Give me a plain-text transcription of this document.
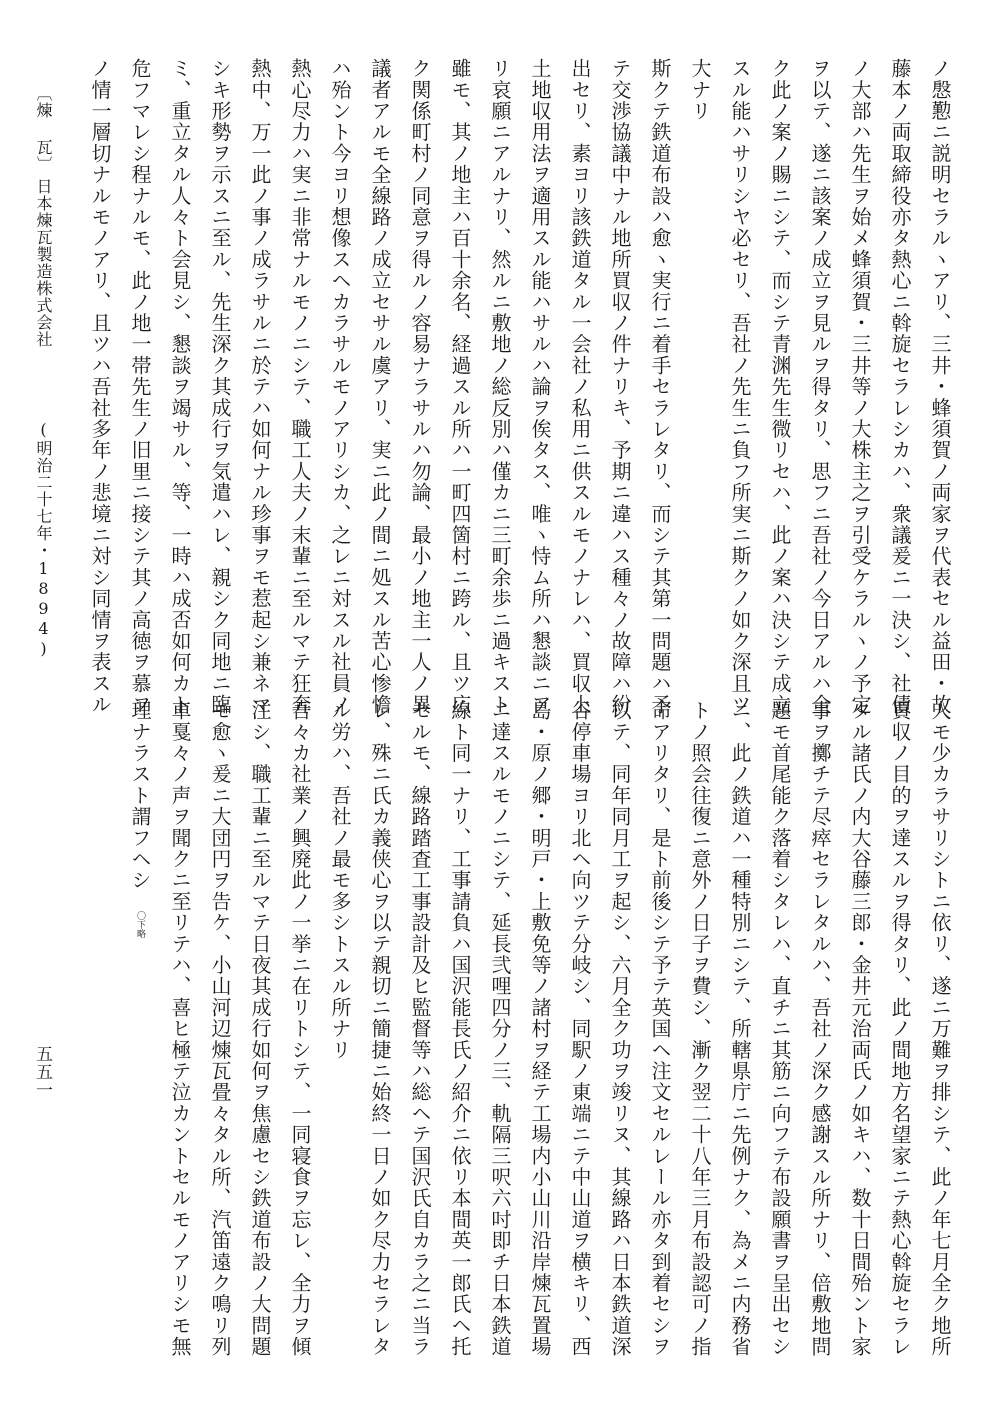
〔煉 瓦〕
日本煉瓦製造株式会社
(明治二十七年・1894)	ノ慇懃ニ説明セラルヽアリ、三井・蜂須賀ノ両家ヲ代表セル益田・故
藤本ノ両取締役亦タ熱心ニ斡旋セラレシカハ、衆議爰ニ一決シ、社債
ノ大部ハ先生ヲ始メ蜂須賀・三井等ノ大株主之ヲ引受ケラルヽノ予定
ヲ以テ、遂ニ該案ノ成立ヲ見ルヲ得タリ、思フニ吾社ノ今日アルハ全
ク此ノ案ノ賜ニシテ、而シテ青渊先生微リセハ、此ノ案ハ決シテ成立
スル能ハサリシヤ必セリ、吾社ノ先生ニ負フ所実ニ斯クノ如ク深且ツ
大ナリ
斯クテ鉄道布設ハ愈ヽ実行ニ着手セラレタリ、而シテ其第一問題ハ予
テ交渉協議中ナル地所買収ノ件ナリキ、予期ニ違ハス種々ノ故障ハ紛
出セリ、素ヨリ該鉄道タル一会社ノ私用ニ供スルモノナレハ、買収上
土地収用法ヲ適用スル能ハサルハ論ヲ俟タス、唯ヽ恃ム所ハ懇談ニア
リ哀願ニアルナリ、然ルニ敷地ノ総反別ハ僅カニ三町余歩ニ過キスト
雖モ、其ノ地主ハ百十余名、経過スル所ハ一町四箇村ニ跨ル、且ツ広
ク関係町村ノ同意ヲ得ルノ容易ナラサルハ勿論、最小ノ地主一人ノ異
議者アルモ全線路ノ成立セサル虞アリ、実ニ此ノ間ニ処スル苦心惨憺
ハ殆ント今ヨリ想像スヘカラサルモノアリシカ、之レニ対スル社員ノ
熱心尽力ハ実ニ非常ナルモノニシテ、職工人夫ノ末輩ニ至ルマテ狂奔
熱中、万一此ノ事ノ成ラサルニ於テハ如何ナル珍事ヲモ惹起シ兼ネマ
シキ形勢ヲ示スニ至ル、先生深ク其成行ヲ気遣ハレ、親シク同地ニ臨
ミ、重立タル人々ト会見シ、懇談ヲ竭サル、等、一時ハ成否如何カト
危フマレシ程ナルモ、此ノ地一帯先生ノ旧里ニ接シテ其ノ高徳ヲ慕フ
ノ情一層切ナルモノアリ、且ツハ吾社多年ノ悲境ニ対シ同情ヲ表スル
人モ少カラサリシトニ依リ、遂ニ万難ヲ排シテ、此ノ年七月全ク地所
買収ノ目的ヲ達スルヲ得タリ、此ノ間地方名望家ニテ熱心斡旋セラレ
タル諸氏ノ内大谷藤三郎・金井元治両氏ノ如キハ、数十日間殆ント家
事ヲ擲チテ尽瘁セラレタルハ、吾社ノ深ク感謝スル所ナリ、倍敷地問
題モ首尾能ク落着シタレハ、直チニ其筋ニ向フテ布設願書ヲ呈出セシ
ニ、此ノ鉄道ハ一種特別ニシテ、所轄県庁ニ先例ナク、為メニ内務省
トノ照会往復ニ意外ノ日子ヲ費シ、漸ク翌二十八年三月布設認可ノ指
命アリタリ、是ト前後シテ予テ英国ヘ注文セルレール亦タ到着セシヲ
以テ、同年同月工ヲ起シ、六月全ク功ヲ竣リヌ、其線路ハ日本鉄道深
谷停車場ヨリ北ヘ向ツテ分岐シ、同駅ノ東端ニテ中山道ヲ横キリ、西
島・原ノ郷・明戸・上敷免等ノ諸村ヲ経テ工場内小山川沿岸煉瓦置場
ニ達スルモノニシテ、延長弐哩四分ノ三、軌隔三呎六吋即チ日本鉄道
線ト同一ナリ、工事請負ハ国沢能長氏ノ紹介ニ依リ本間英一郎氏ヘ托
セルモ、線路踏査工事設計及ヒ監督等ハ総ヘテ国沢氏自カラ之ニ当ラ
レ、殊ニ氏カ義侠心ヲ以テ親切ニ簡捷ニ始終一日ノ如ク尽力セラレタ
ル労ハ、吾社ノ最モ多シトスル所ナリ
吾々カ社業ノ興廃此ノ一挙ニ在リトシテ、一同寝食ヲ忘レ、全力ヲ傾
注シ、職工輩ニ至ルマテ日夜其成行如何ヲ焦慮セシ鉄道布設ノ大問題
モ愈ヽ爰ニ大団円ヲ告ケ、小山河辺煉瓦畳々タル所、汽笛遠ク鳴リ列
車戛々ノ声ヲ聞クニ至リテハ、喜ヒ極テ泣カントセルモノアリシモ無
理ナラスト謂フヘシ〇下略
五五一
